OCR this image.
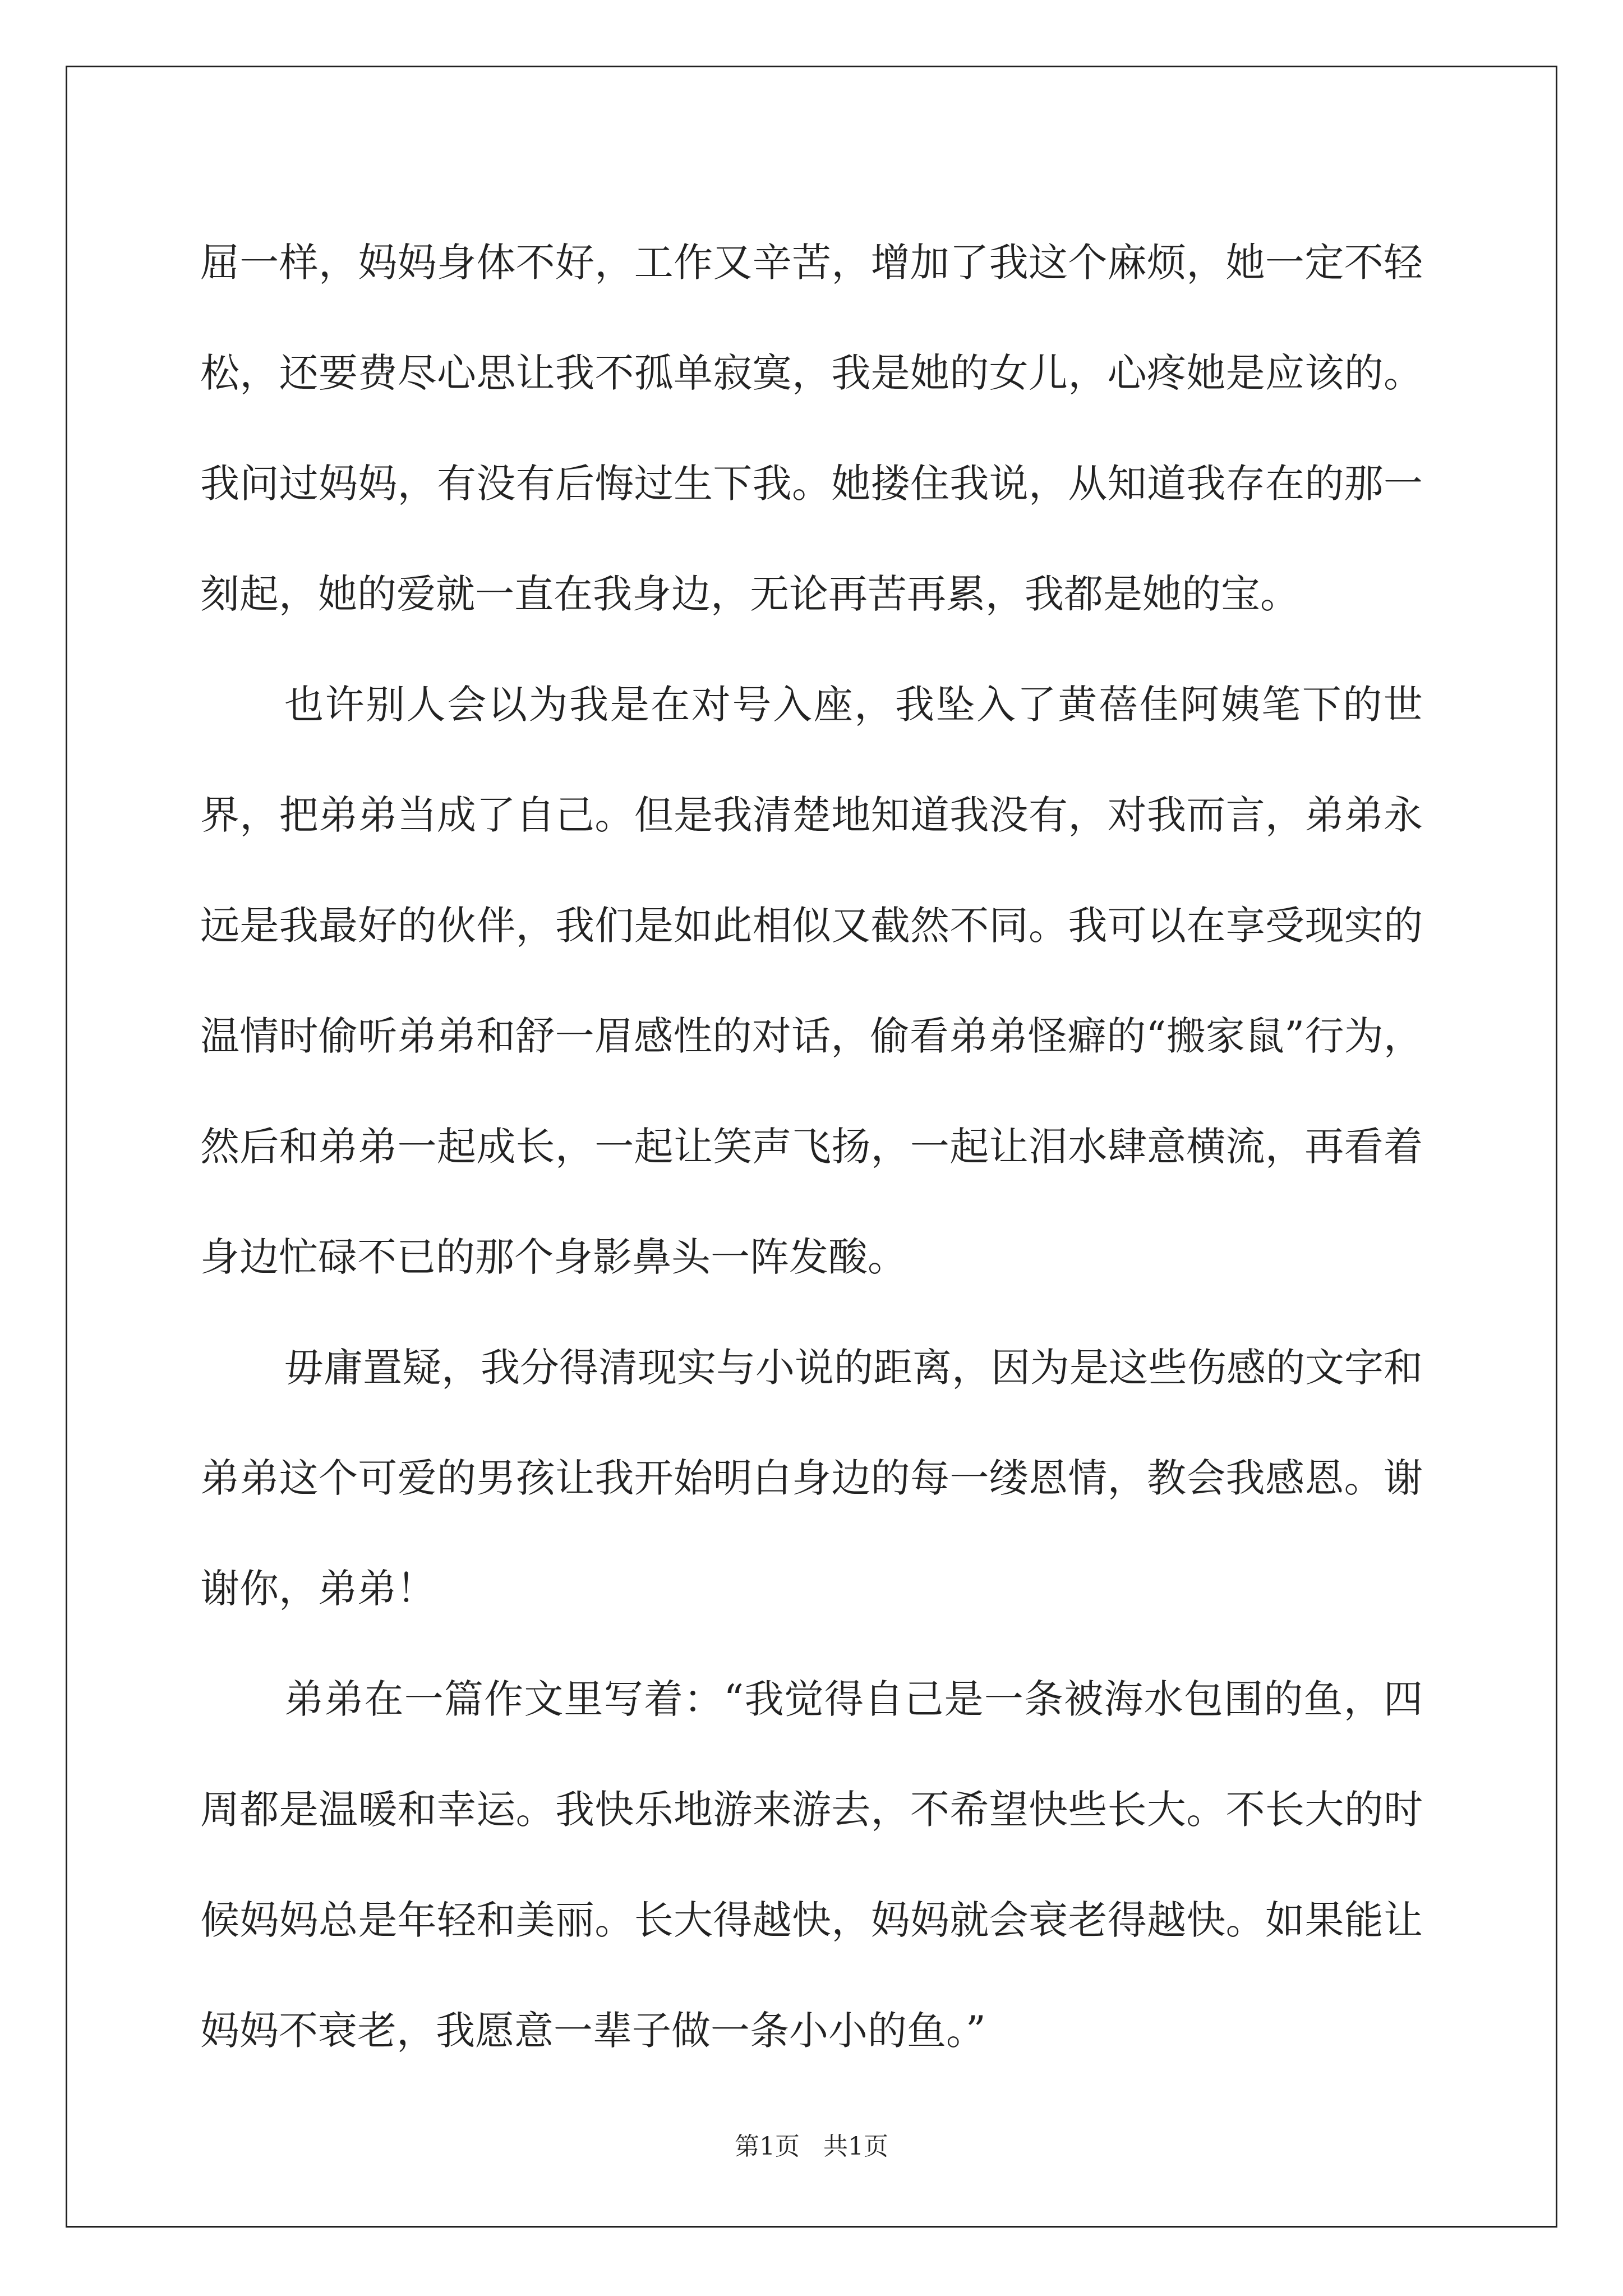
屈一样，妈妈身体不好，工作又辛苦，增加了我这个麻烦，她一定不轻松，还要费尽心思让我不孤单寂寞，我是她的女儿，心疼她是应该的。我问过妈妈，有没有后悔过生下我。她搂住我说，从知道我存在的那一刻起，她的爱就一直在我身边，无论再苦再累，我都是她的宝。

也许别人会以为我是在对号入座，我坠入了黄蓓佳阿姨笔下的世界，把弟弟当成了自己。但是我清楚地知道我没有，对我而言，弟弟永远是我最好的伙伴，我们是如此相似又截然不同。我可以在享受现实的温情时偷听弟弟和舒一眉感性的对话，偷看弟弟怪癖的“搬家鼠”行为，然后和弟弟一起成长，一起让笑声飞扬，一起让泪水肆意横流，再看着身边忙碌不已的那个身影鼻头一阵发酸。

毋庸置疑，我分得清现实与小说的距离，因为是这些伤感的文字和弟弟这个可爱的男孩让我开始明白身边的每一缕恩情，教会我感恩。谢谢你，弟弟！

弟弟在一篇作文里写着：“我觉得自己是一条被海水包围的鱼，四周都是温暖和幸运。我快乐地游来游去，不希望快些长大。不长大的时候妈妈总是年轻和美丽。长大得越快，妈妈就会衰老得越快。如果能让妈妈不衰老，我愿意一辈子做一条小小的鱼。”

第1页   共1页
